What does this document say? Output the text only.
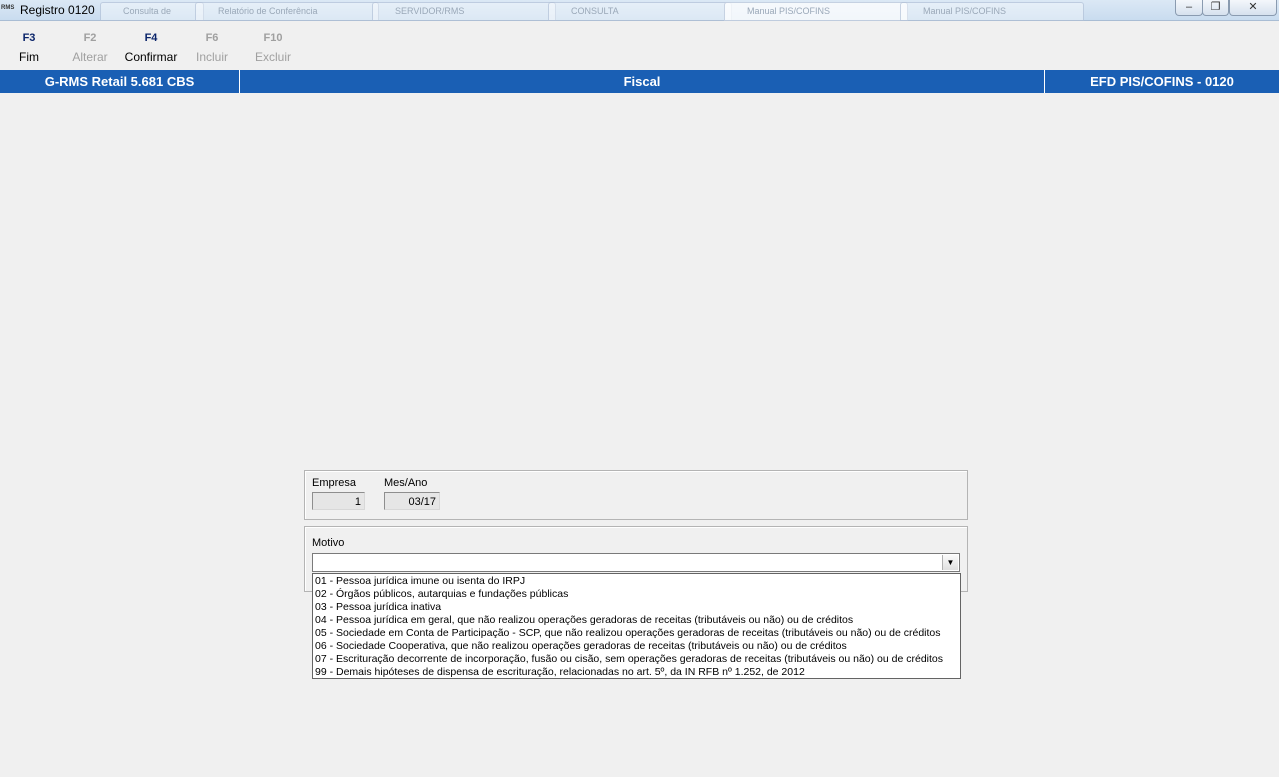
RMS Registro 0120	Consulta de	Relatório de Conferência	SERVIDOR/RMS	CONSULTA	Manual PIS/COFINS	Manual PIS/COFINS	–	❐	✕
F3
Fim
F2
Alterar
F4
Confirmar
F6
Incluir
F10
Excluir
G-RMS Retail 5.681 CBS	Fiscal	EFD PIS/COFINS - 0120
Empresa
1
Mes/Ano
03/17
Motivo
▼
01 - Pessoa jurídica imune ou isenta do IRPJ
02 - Órgãos públicos, autarquias e fundações públicas
03 - Pessoa jurídica inativa
04 - Pessoa jurídica em geral, que não realizou operações geradoras de receitas (tributáveis ou não) ou de créditos
05 - Sociedade em Conta de Participação - SCP, que não realizou operações geradoras de receitas (tributáveis ou não) ou de créditos
06 - Sociedade Cooperativa, que não realizou operações geradoras de receitas (tributáveis ou não) ou de créditos
07 - Escrituração decorrente de incorporação, fusão ou cisão, sem operações geradoras de receitas (tributáveis ou não) ou de créditos
99 - Demais hipóteses de dispensa de escrituração, relacionadas no art. 5º, da IN RFB nº 1.252, de 2012
